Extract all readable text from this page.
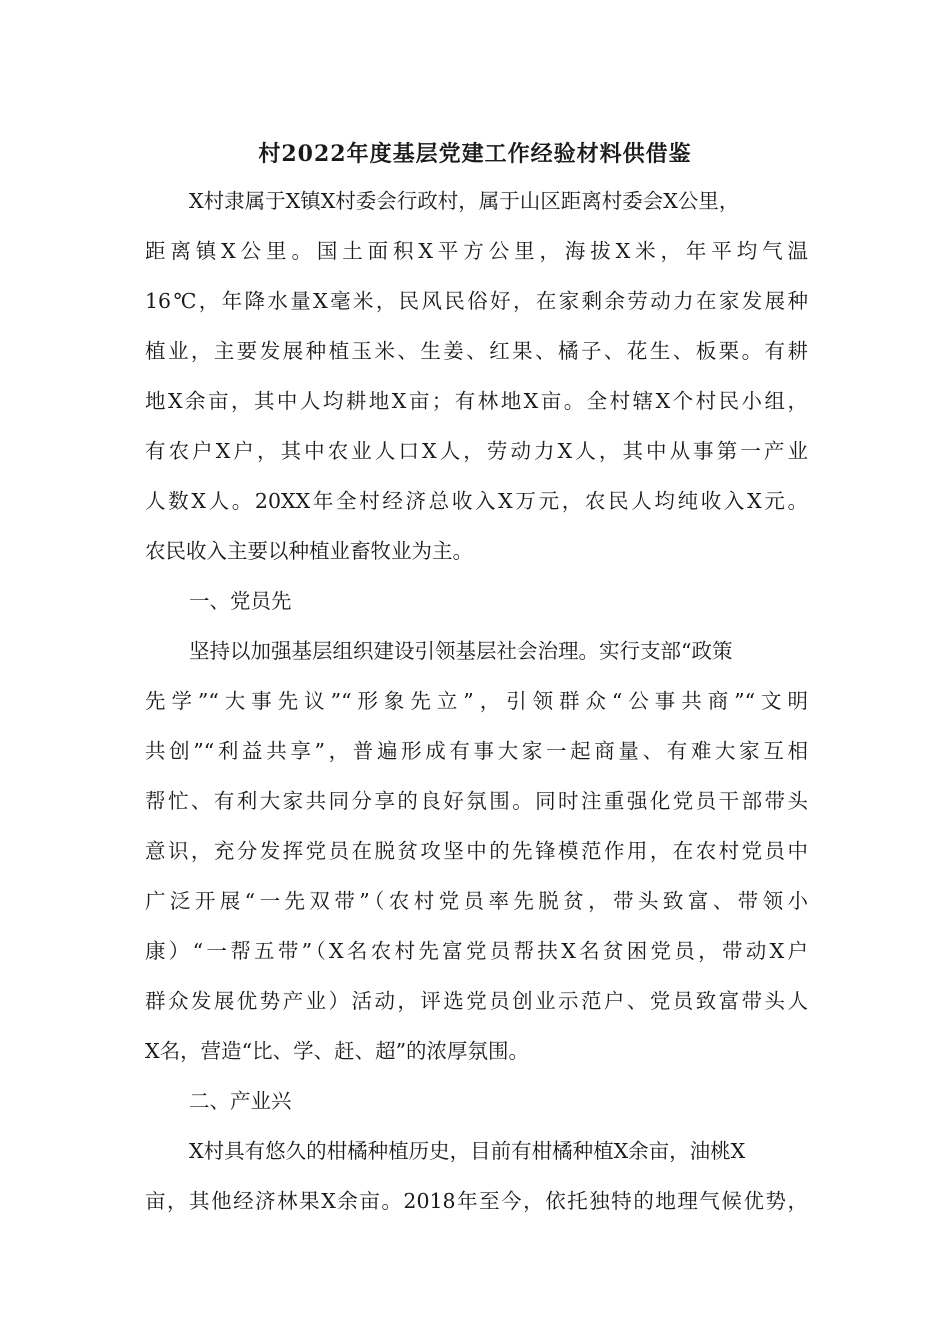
村2022年度基层党建工作经验材料供借鉴

X村隶属于X镇X村委会行政村，属于山区距离村委会X公里，

距离镇X公里。国土面积X平方公里，海拔X米，年平均气温

16℃，年降水量X毫米，民风民俗好，在家剩余劳动力在家发展种

植业，主要发展种植玉米、生姜、红果、橘子、花生、板栗。有耕

地X余亩，其中人均耕地X亩；有林地X亩。全村辖X个村民小组，

有农户X户，其中农业人口X人，劳动力X人，其中从事第一产业

人数X人。20XX年全村经济总收入X万元，农民人均纯收入X元。

农民收入主要以种植业畜牧业为主。

一、党员先

坚持以加强基层组织建设引领基层社会治理。实行支部“政策

先学”“大事先议”“形象先立”，引领群众“公事共商”“文明

共创”“利益共享”，普遍形成有事大家一起商量、有难大家互相

帮忙、有利大家共同分享的良好氛围。同时注重强化党员干部带头

意识，充分发挥党员在脱贫攻坚中的先锋模范作用，在农村党员中

广泛开展“一先双带”（农村党员率先脱贫，带头致富、带领小

康）“一帮五带”（X名农村先富党员帮扶X名贫困党员，带动X户

群众发展优势产业）活动，评选党员创业示范户、党员致富带头人

X名，营造“比、学、赶、超”的浓厚氛围。

二、产业兴

X村具有悠久的柑橘种植历史，目前有柑橘种植X余亩，油桃X

亩，其他经济林果X余亩。2018年至今，依托独特的地理气候优势，
